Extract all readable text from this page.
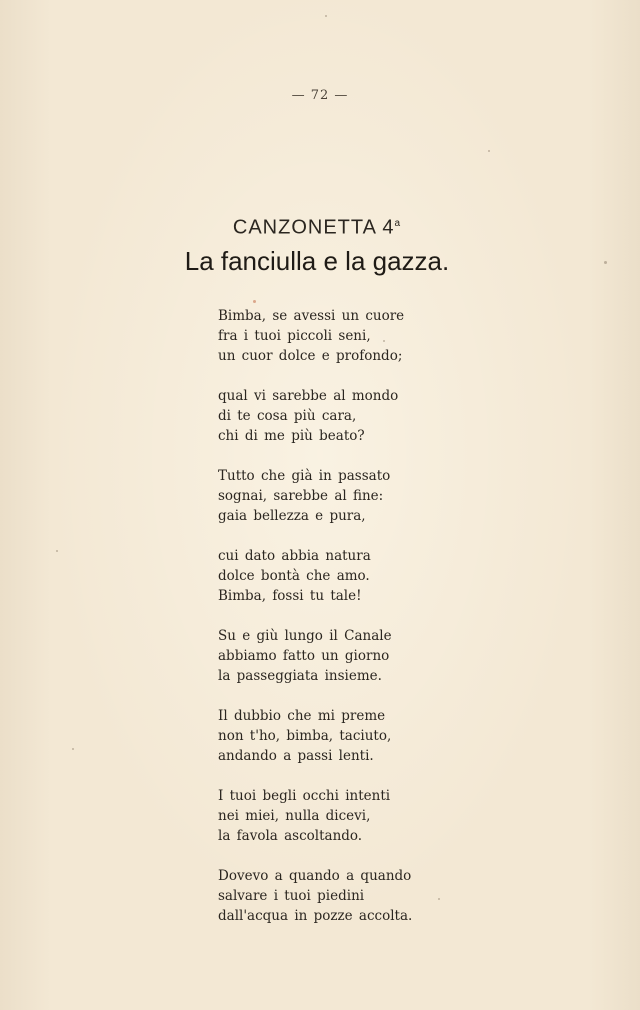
— 72 —
CANZONETTA 4$^a$
La fanciulla e la gazza.
Bimba, se avessi un cuore
fra i tuoi piccoli seni,
un cuor dolce e profondo;
qual vi sarebbe al mondo
di te cosa più cara,
chi di me più beato?
Tutto che già in passato
sognai, sarebbe al fine:
gaia bellezza e pura,
cui dato abbia natura
dolce bontà che amo.
Bimba, fossi tu tale!
Su e giù lungo il Canale
abbiamo fatto un giorno
la passeggiata insieme.
Il dubbio che mi preme
non t'ho, bimba, taciuto,
andando a passi lenti.
I tuoi begli occhi intenti
nei miei, nulla dicevi,
la favola ascoltando.
Dovevo a quando a quando
salvare i tuoi piedini
dall'acqua in pozze accolta.
